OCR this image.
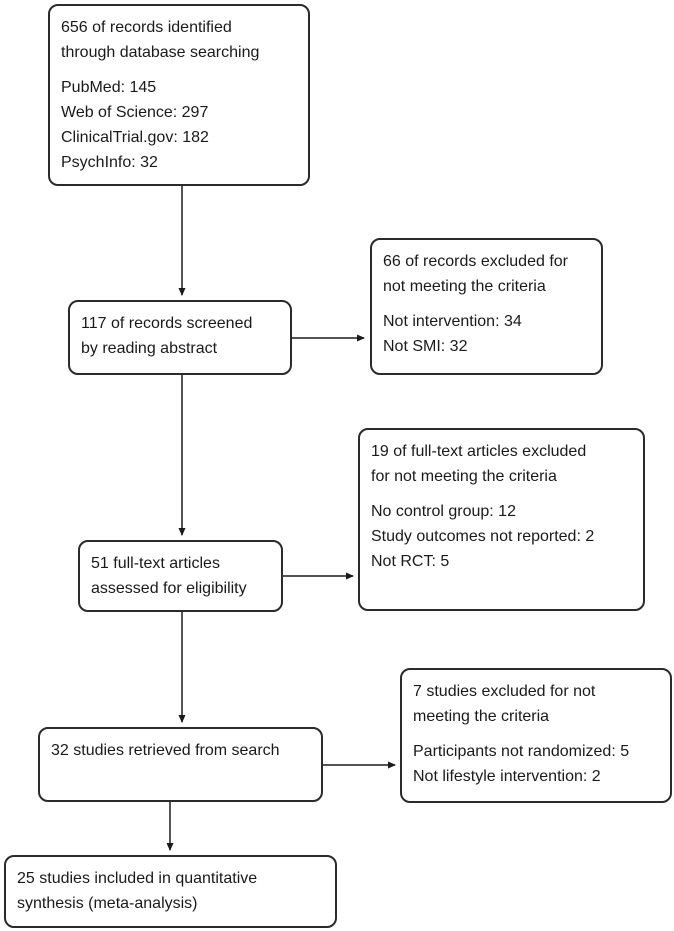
656 of records identified
through database searching
PubMed: 145
Web of Science: 297
ClinicalTrial.gov: 182
PsychInfo: 32
117 of records screened
by reading abstract
66 of records excluded for
not meeting the criteria
Not intervention: 34
Not SMI: 32
19 of full-text articles excluded
for not meeting the criteria
No control group: 12
Study outcomes not reported: 2
Not RCT: 5
51 full-text articles
assessed for eligibility
32 studies retrieved from search
7 studies excluded for not
meeting the criteria
Participants not randomized: 5
Not lifestyle intervention: 2
25 studies included in quantitative
synthesis (meta-analysis)
